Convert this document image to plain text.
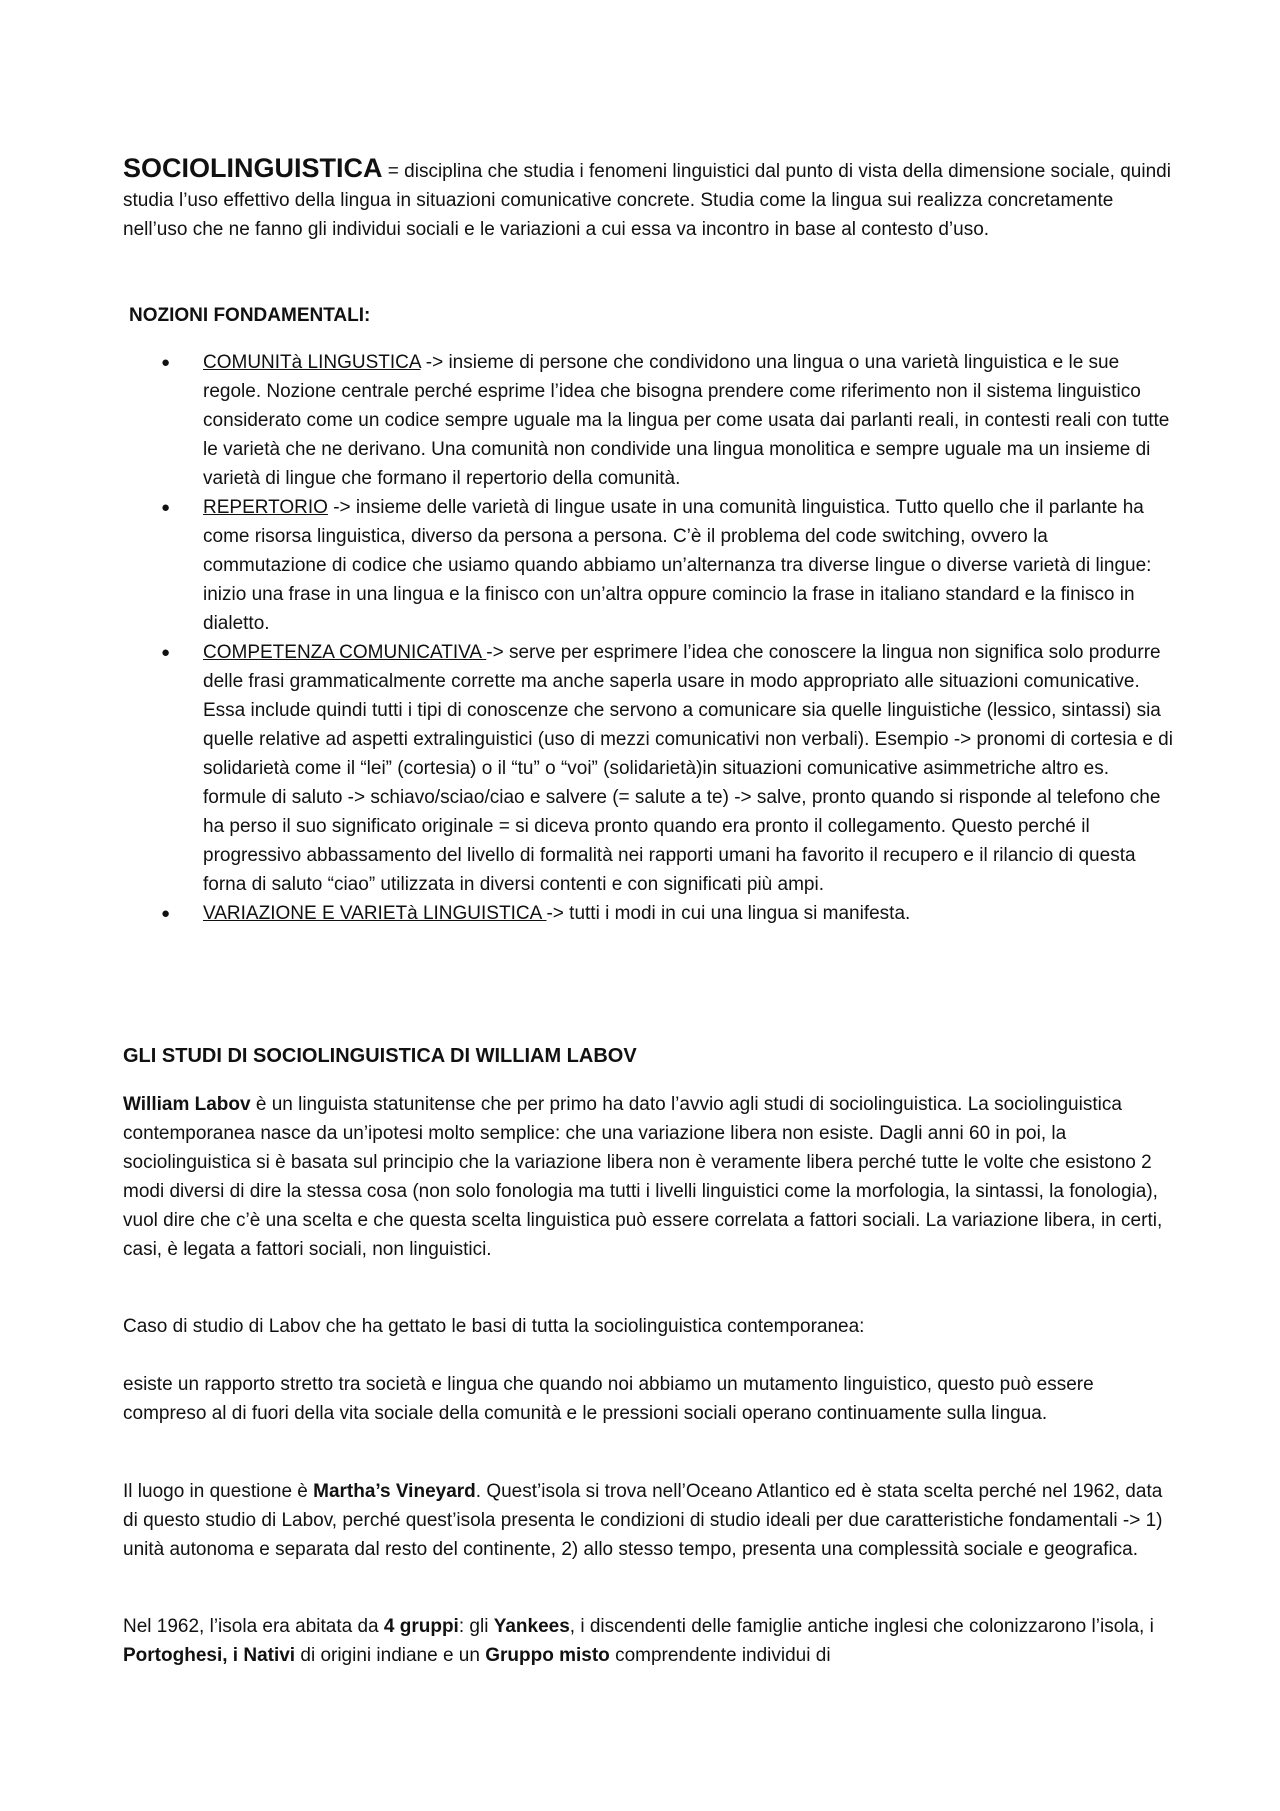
SOCIOLINGUISTICA = disciplina che studia i fenomeni linguistici dal punto di vista della dimensione sociale, quindi studia l’uso effettivo della lingua in situazioni comunicative concrete. Studia come la lingua sui realizza concretamente nell’uso che ne fanno gli individui sociali e le variazioni a cui essa va incontro in base al contesto d’uso.

NOZIONI FONDAMENTALI:
● COMUNITà LINGUSTICA -> insieme di persone che condividono una lingua o una varietà linguistica e le sue regole. Nozione centrale perché esprime l’idea che bisogna prendere come riferimento non il sistema linguistico considerato come un codice sempre uguale ma la lingua per come usata dai parlanti reali, in contesti reali con tutte le varietà che ne derivano. Una comunità non condivide una lingua monolitica e sempre uguale ma un insieme di varietà di lingue che formano il repertorio della comunità.
● REPERTORIO -> insieme delle varietà di lingue usate in una comunità linguistica. Tutto quello che il parlante ha come risorsa linguistica, diverso da persona a persona. C’è il problema del code switching, ovvero la commutazione di codice che usiamo quando abbiamo un’alternanza tra diverse lingue o diverse varietà di lingue: inizio una frase in una lingua e la finisco con un’altra oppure comincio la frase in italiano standard e la finisco in dialetto.
● COMPETENZA COMUNICATIVA -> serve per esprimere l’idea che conoscere la lingua non significa solo produrre delle frasi grammaticalmente corrette ma anche saperla usare in modo appropriato alle situazioni comunicative. Essa include quindi tutti i tipi di conoscenze che servono a comunicare sia quelle linguistiche (lessico, sintassi) sia quelle relative ad aspetti extralinguistici (uso di mezzi comunicativi non verbali). Esempio -> pronomi di cortesia e di solidarietà come il “lei” (cortesia) o il “tu” o “voi” (solidarietà)in situazioni comunicative asimmetriche altro es. formule di saluto -> schiavo/sciao/ciao e salvere (= salute a te) -> salve, pronto quando si risponde al telefono che ha perso il suo significato originale = si diceva pronto quando era pronto il collegamento. Questo perché il progressivo abbassamento del livello di formalità nei rapporti umani ha favorito il recupero e il rilancio di questa forna di saluto “ciao” utilizzata in diversi contenti e con significati più ampi.
● VARIAZIONE E VARIETà LINGUISTICA -> tutti i modi in cui una lingua si manifesta.
GLI STUDI DI SOCIOLINGUISTICA DI WILLIAM LABOV

William Labov è un linguista statunitense che per primo ha dato l’avvio agli studi di sociolinguistica. La sociolinguistica contemporanea nasce da un’ipotesi molto semplice: che una variazione libera non esiste. Dagli anni 60 in poi, la sociolinguistica si è basata sul principio che la variazione libera non è veramente libera perché tutte le volte che esistono 2 modi diversi di dire la stessa cosa (non solo fonologia ma tutti i livelli linguistici come la morfologia, la sintassi, la fonologia), vuol dire che c’è una scelta e che questa scelta linguistica può essere correlata a fattori sociali. La variazione libera, in certi, casi, è legata a fattori sociali, non linguistici.

Caso di studio di Labov che ha gettato le basi di tutta la sociolinguistica contemporanea:

esiste un rapporto stretto tra società e lingua che quando noi abbiamo un mutamento linguistico, questo può essere compreso al di fuori della vita sociale della comunità e le pressioni sociali operano continuamente sulla lingua.

Il luogo in questione è Martha’s Vineyard. Quest’isola si trova nell’Oceano Atlantico ed è stata scelta perché nel 1962, data di questo studio di Labov, perché quest’isola presenta le condizioni di studio ideali per due caratteristiche fondamentali -> 1) unità autonoma e separata dal resto del continente, 2) allo stesso tempo, presenta una complessità sociale e geografica.

Nel 1962, l’isola era abitata da 4 gruppi: gli Yankees, i discendenti delle famiglie antiche inglesi che colonizzarono l’isola, i Portoghesi, i Nativi di origini indiane e un Gruppo misto comprendente individui di
